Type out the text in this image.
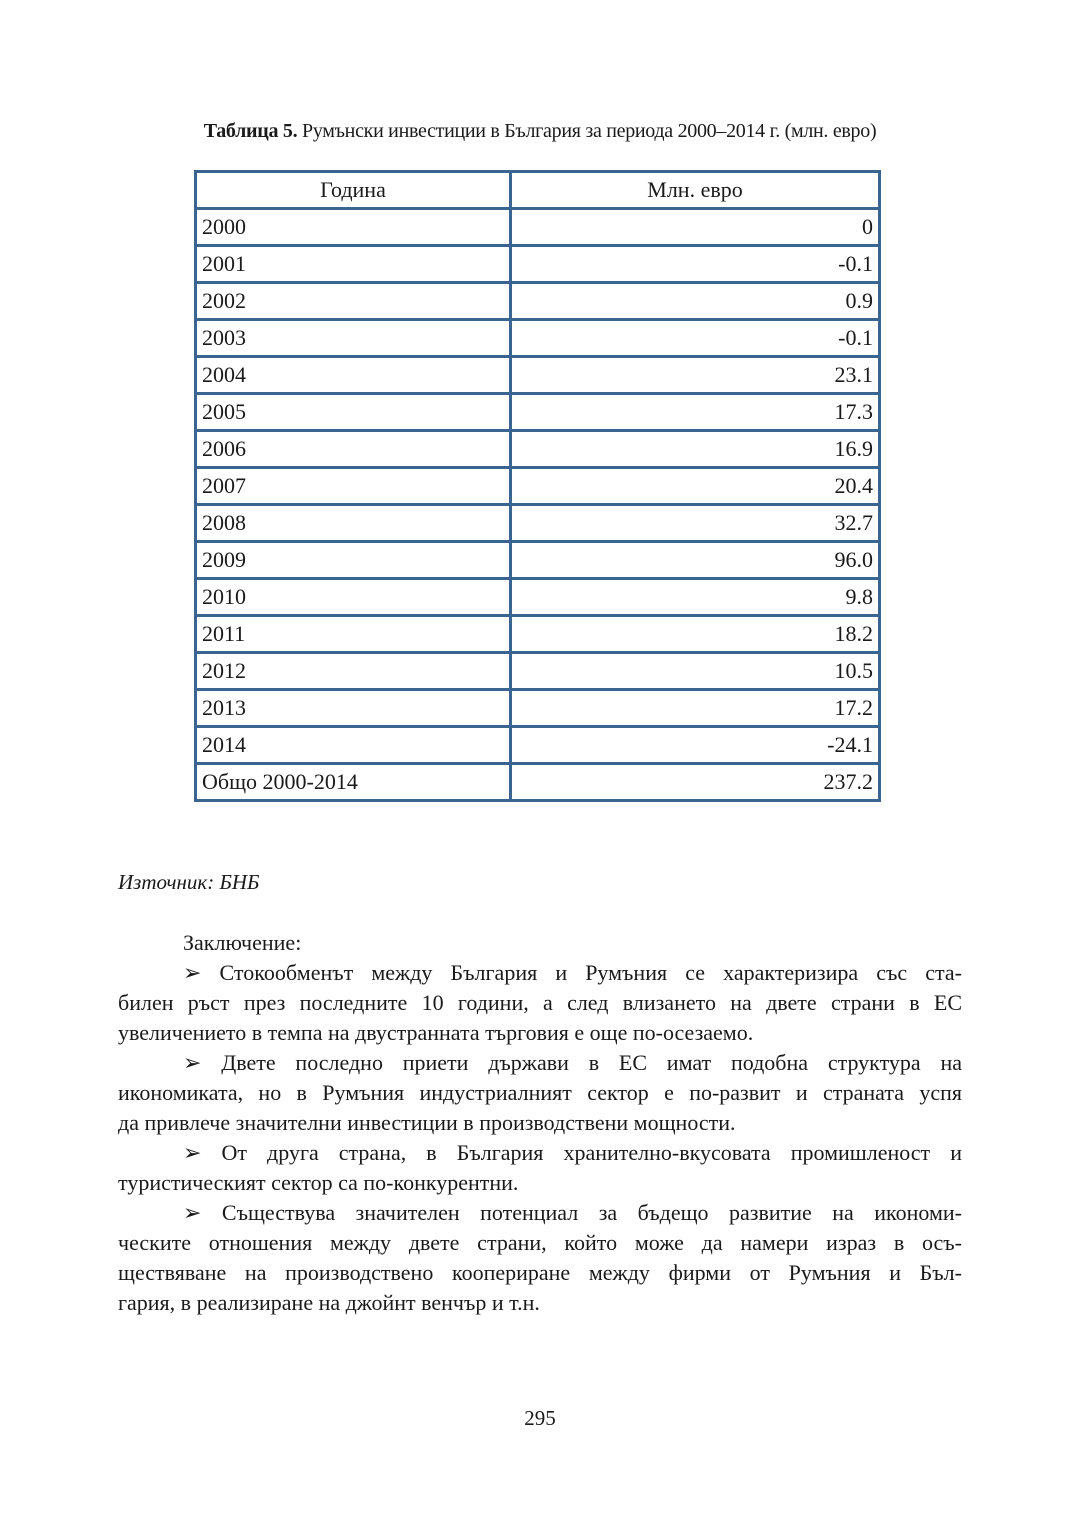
Таблица 5. Румънски инвестиции в България за периода 2000–2014 г. (млн. евро)
Година	Млн. евро
2000	0
2001	-0.1
2002	0.9
2003	-0.1
2004	23.1
2005	17.3
2006	16.9
2007	20.4
2008	32.7
2009	96.0
2010	9.8
2011	18.2
2012	10.5
2013	17.2
2014	-24.1
Общо 2000-2014	237.2
Източник: БНБ
Заключение:
➢ Стокообменът между България и Румъния се характеризира със ста-
билен ръст през последните 10 години, а след влизането на двете страни в ЕС
увеличението в темпа на двустранната търговия е още по-осезаемо.
➢ Двете последно приети държави в ЕС имат подобна структура на
икономиката, но в Румъния индустриалният сектор е по-развит и страната успя
да привлече значителни инвестиции в производствени мощности.
➢ От друга страна, в България хранително-вкусовата промишленост и
туристическият сектор са по-конкурентни.
➢ Съществува значителен потенциал за бъдещо развитие на икономи-
ческите отношения между двете страни, който може да намери израз в осъ-
ществяване на производствено коопериране между фирми от Румъния и Бъл-
гария, в реализиране на джойнт венчър и т.н.
295
